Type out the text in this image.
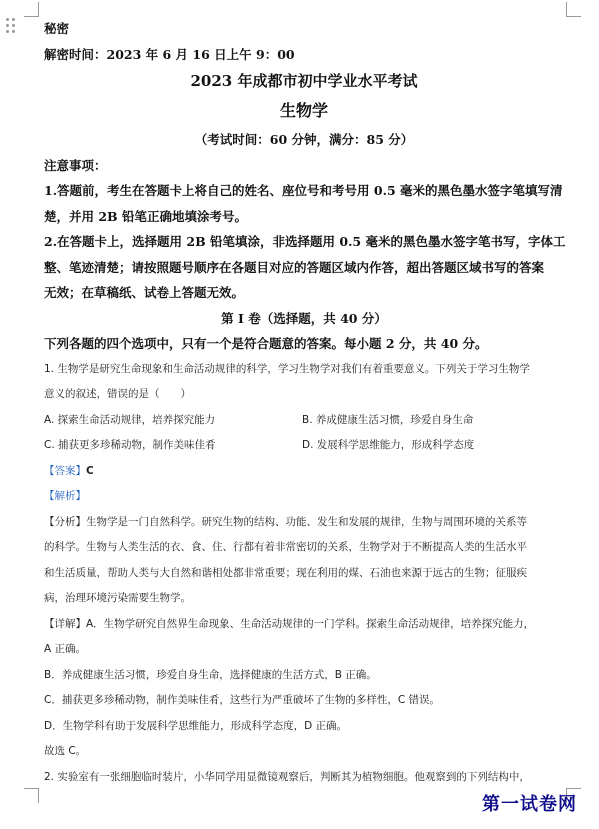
秘密
解密时间：2023 年 6 月 16 日上午 9：00
2023 年成都市初中学业水平考试
生物学
（考试时间：60 分钟，满分：85 分）
注意事项：
1.答题前，考生在答题卡上将自己的姓名、座位号和考号用 0.5 毫米的黑色墨水签字笔填写清
楚，并用 2B 铅笔正确地填涂考号。
2.在答题卡上，选择题用 2B 铅笔填涂，非选择题用 0.5 毫米的黑色墨水签字笔书写，字体工
整、笔迹清楚；请按照题号顺序在各题目对应的答题区域内作答，超出答题区域书写的答案
无效；在草稿纸、试卷上答题无效。
第 I 卷（选择题，共 40 分）
下列各题的四个选项中，只有一个是符合题意的答案。每小题 2 分，共 40 分。
1. 生物学是研究生命现象和生命活动规律的科学，学习生物学对我们有着重要意义。下列关于学习生物学
意义的叙述，错误的是（　　）
A. 探索生命活动规律，培养探究能力	B. 养成健康生活习惯，珍爱自身生命
C. 捕获更多珍稀动物，制作美味佳肴	D. 发展科学思维能力，形成科学态度
【答案】C
【解析】
【分析】生物学是一门自然科学。研究生物的结构、功能、发生和发展的规律，生物与周围环境的关系等
的科学。生物与人类生活的衣、食、住、行都有着非常密切的关系，生物学对于不断提高人类的生活水平
和生活质量，帮助人类与大自然和谐相处都非常重要；现在利用的煤、石油也来源于远古的生物；征服疾
病，治理环境污染需要生物学。
【详解】A．生物学研究自然界生命现象、生命活动规律的一门学科。探索生命活动规律，培养探究能力，
A 正确。
B．养成健康生活习惯，珍爱自身生命，选择健康的生活方式，B 正确。
C．捕获更多珍稀动物，制作美味佳肴，这些行为严重破坏了生物的多样性，C 错误。
D．生物学科有助于发展科学思维能力，形成科学态度，D 正确。
故选 C。
2. 实验室有一张细胞临时装片，小华同学用显微镜观察后，判断其为植物细胞。他观察到的下列结构中，
第一试卷网
